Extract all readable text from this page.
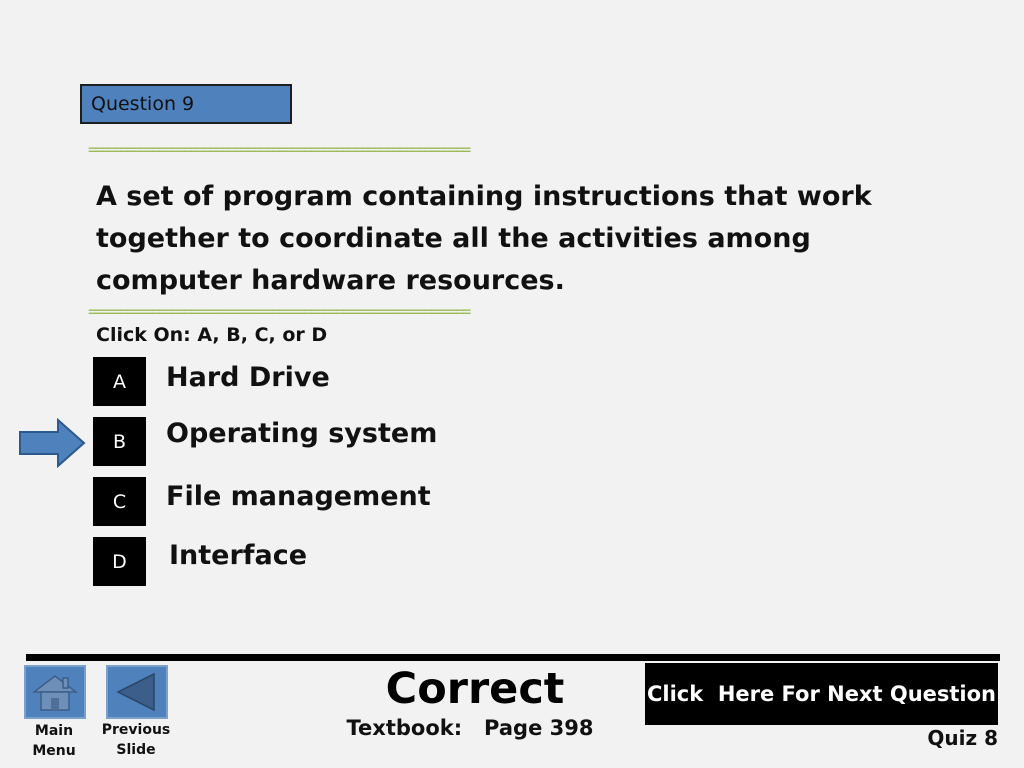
Question 9
============================================================
A set of program containing instructions that work together to coordinate all the activities among computer hardware resources.
============================================================
Click On: A, B, C, or D
A	Hard Drive
B	Operating system
C	File management
D	Interface
Main
Menu
Previous
Slide
Correct
Textbook:   Page 398
Click  Here For Next Question
Quiz 8
